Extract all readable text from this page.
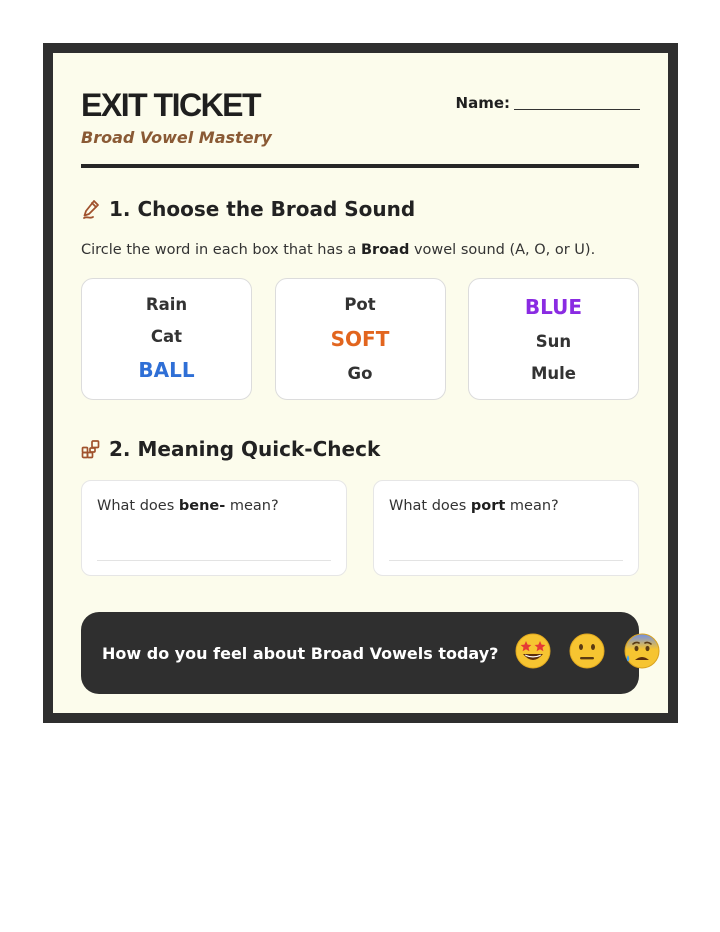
EXIT TICKET
Broad Vowel Mastery
Name:
1. Choose the Broad Sound
Circle the word in each box that has a Broad vowel sound (A, O, or U).
Rain
Cat
BALL
Pot
SOFT
Go
BLUE
Sun
Mule
2. Meaning Quick-Check
What does bene- mean?	What does port mean?
How do you feel about Broad Vowels today?
